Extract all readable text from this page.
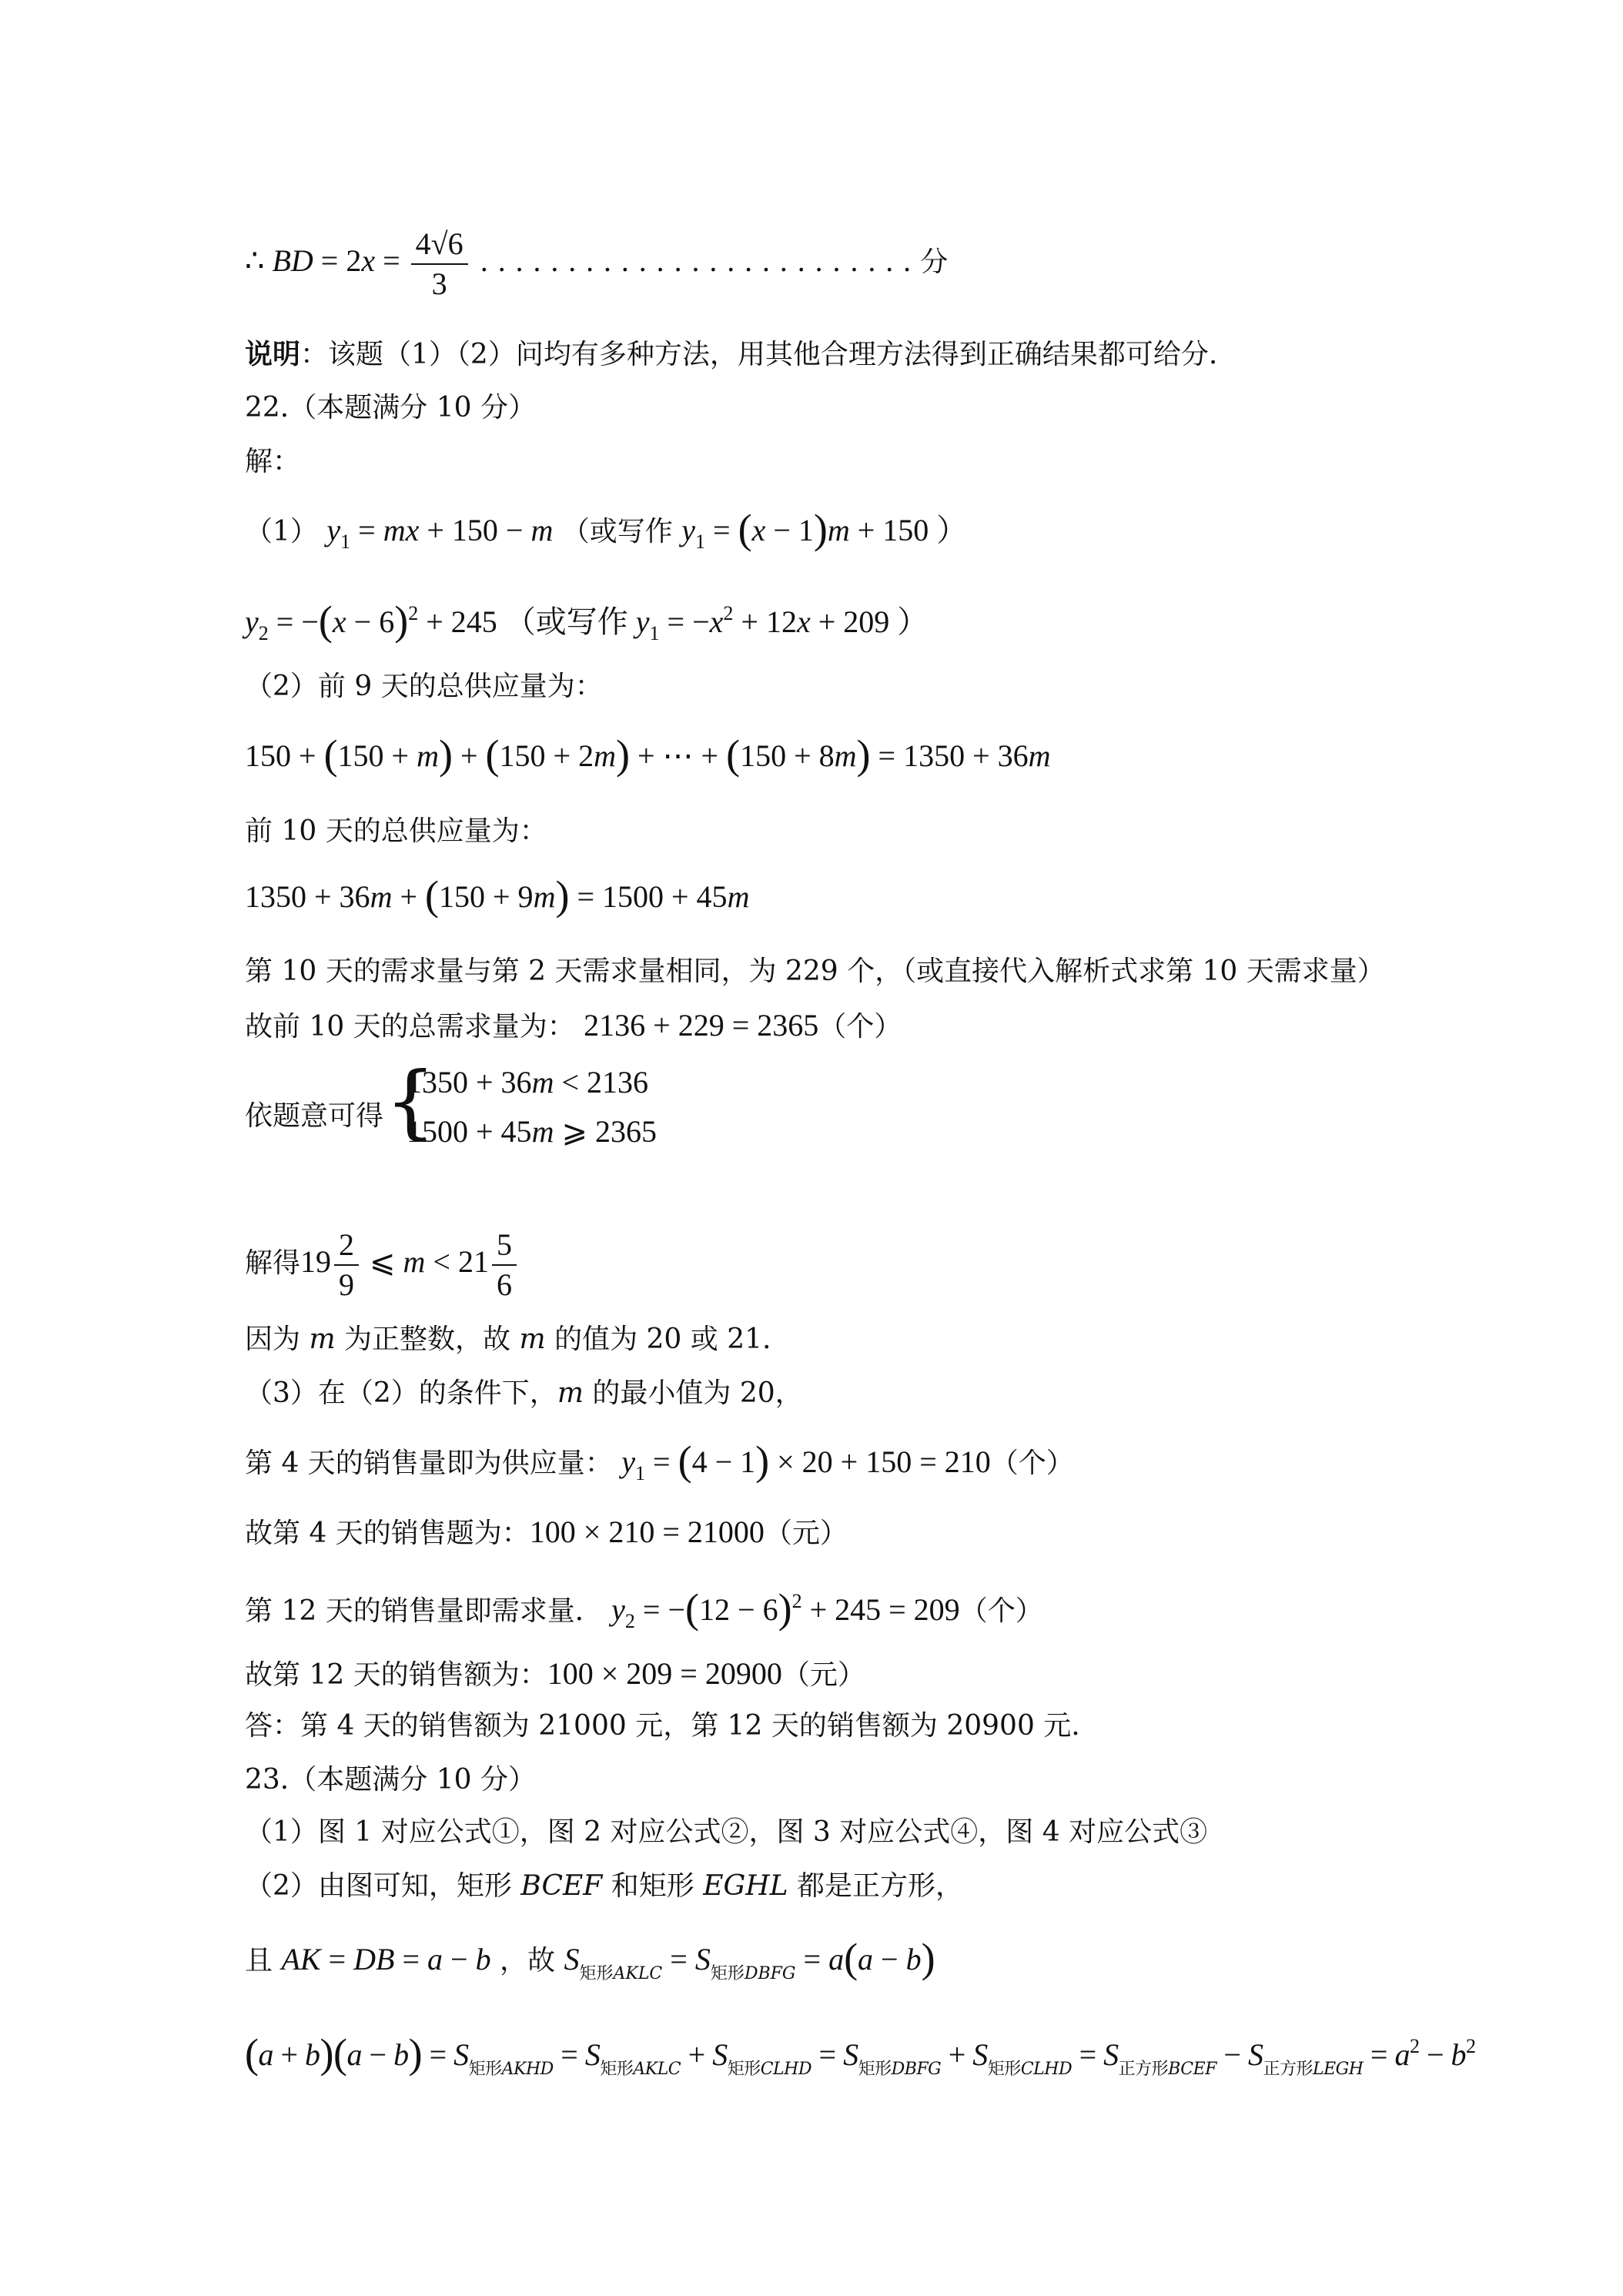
∴ BD = $2x = \frac{4√6}{3}$ . . . . . . . . . . . . . . . . . . . . . . . . . 分
说明：该题（1）（2）问均有多种方法，用其他合理方法得到正确结果都可给分.
22.（本题满分 10 分）
解：
（1） $y_1$ = mx + 150 − m （或写作 $y_1 = (x - 1)m + 150$ ）
$y_2 = -(x - 6)^2 + 245$ （或写作 $y_1 = -x^2 + 12x + 209$ ）
（2）前 9 天的总供应量为：
150 + (150 + m) + (150 + 2m) + ⋯ + (150 + 8m) = 1350 + 36m
前 10 天的总供应量为：
1350 + 36m + (150 + 9m) = 1500 + 45m
第 10 天的需求量与第 2 天需求量相同，为 229 个，（或直接代入解析式求第 10 天需求量）
故前 10 天的总需求量为： 2136 + 229 = 2365（个）
依题意可得 {
1350 + 36m < 2136
1500 + 45m ⩾ 2365
解得$19 \frac{2}{9}$ ⩽ $m < 21 \frac{5}{6}$
因为 m 为正整数，故 m 的值为 20 或 21.
（3）在（2）的条件下，m 的最小值为 20，
第 4 天的销售量即为供应量： $y_1 = (4 - 1) \times 20 + 150 = 210$（个）
故第 4 天的销售题为：100 × 210 = 21000（元）
第 12 天的销售量即需求量． $y_2 = -(12 - 6)^2 + 245 = 209$（个）
故第 12 天的销售额为：100 × 209 = 20900（元）
答：第 4 天的销售额为 21000 元，第 12 天的销售额为 20900 元.
23.（本题满分 10 分）
（1）图 1 对应公式①，图 2 对应公式②，图 3 对应公式④，图 4 对应公式③
（2）由图可知，矩形 BCEF 和矩形 EGHL 都是正方形，
且 AK = DB = a − b ，故 $S_{矩形AKLC} = S_{矩形DBFG} = a(a - b)$
$(a + b)(a - b) = S_{矩形AKHD} = S_{矩形AKLC} + S_{矩形CLHD} = S_{矩形DBFG} + S_{矩形CLHD} = S_{正方形BCEF} - S_{正方形LEGH} = a^2 - b^2$
